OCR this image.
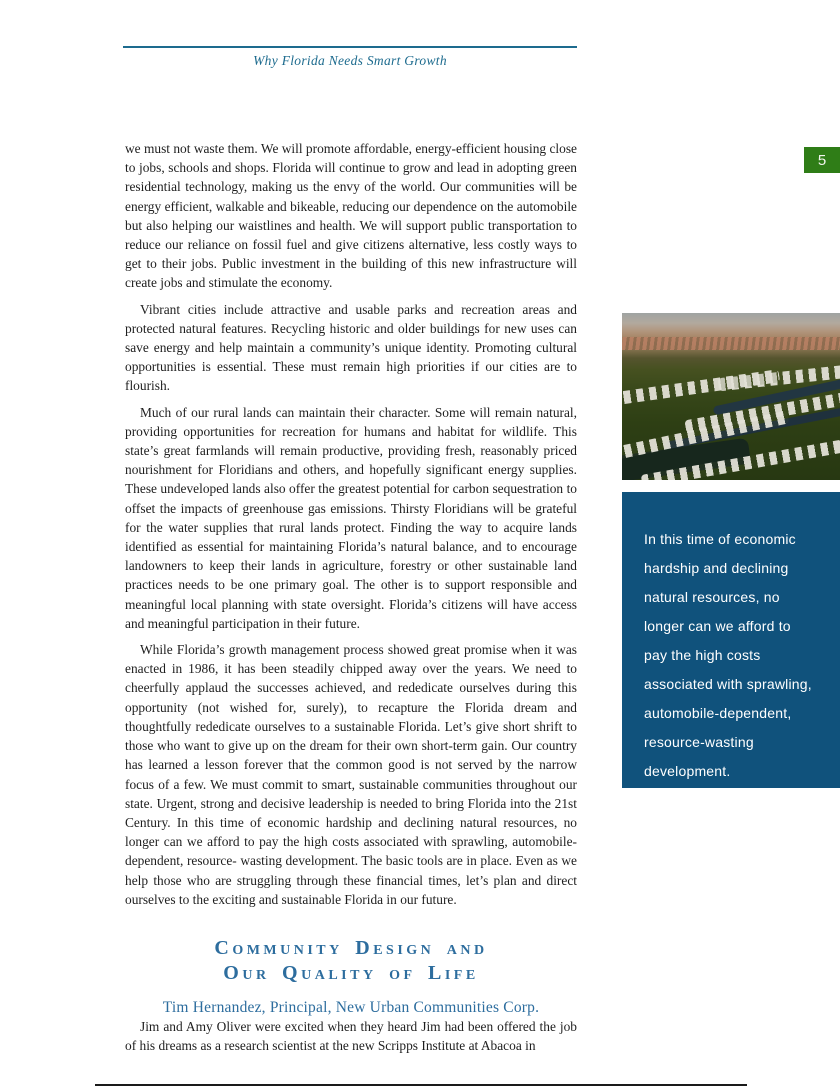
Why Florida Needs Smart Growth
5

we must not waste them. We will promote affordable, energy-efficient housing close to jobs, schools and shops. Florida will continue to grow and lead in adopting green residential technology, making us the envy of the world. Our communities will be energy efficient, walkable and bikeable, reducing our dependence on the automobile but also helping our waistlines and health. We will support public transportation to reduce our reliance on fossil fuel and give citizens alternative, less costly ways to get to their jobs. Public investment in the building of this new infrastructure will create jobs and stimulate the economy.

Vibrant cities include attractive and usable parks and recreation areas and protected natural features. Recycling historic and older buildings for new uses can save energy and help maintain a community’s unique identity. Promoting cultural opportunities is essential. These must remain high priorities if our cities are to flourish.

Much of our rural lands can maintain their character. Some will remain natural, providing opportunities for recreation for humans and habitat for wildlife. This state’s great farmlands will remain productive, providing fresh, reasonably priced nourishment for Floridians and others, and hopefully significant energy supplies. These undeveloped lands also offer the greatest potential for carbon sequestration to offset the impacts of greenhouse gas emissions. Thirsty Floridians will be grateful for the water supplies that rural lands protect. Finding the way to acquire lands identified as essential for maintaining Florida’s natural balance, and to encourage landowners to keep their lands in agriculture, forestry or other sustainable land practices needs to be one primary goal. The other is to support responsible and meaningful local planning with state oversight. Florida’s citizens will have access and meaningful participation in their future.

While Florida’s growth management process showed great promise when it was enacted in 1986, it has been steadily chipped away over the years. We need to cheerfully applaud the successes achieved, and rededicate ourselves during this opportunity (not wished for, surely), to recapture the Florida dream and thoughtfully rededicate ourselves to a sustainable Florida. Let’s give short shrift to those who want to give up on the dream for their own short-term gain. Our country has learned a lesson forever that the common good is not served by the narrow focus of a few. We must commit to smart, sustainable communities throughout our state. Urgent, strong and decisive leadership is needed to bring Florida into the 21st Century. In this time of economic hardship and declining natural resources, no longer can we afford to pay the high costs associated with sprawling, automobile-dependent, resource- wasting development. The basic tools are in place. Even as we help those who are struggling through these financial times, let’s plan and direct ourselves to the exciting and sustainable Florida in our future.

Community Design and
Our Quality of Life
Tim Hernandez, Principal, New Urban Communities Corp.

Jim and Amy Oliver were excited when they heard Jim had been offered the job of his dreams as a research scientist at the new Scripps Institute at Abacoa in

In this time of economic hardship and declining natural resources, no longer can we afford to pay the high costs associated with sprawling, automobile-dependent, resource-wasting development.
